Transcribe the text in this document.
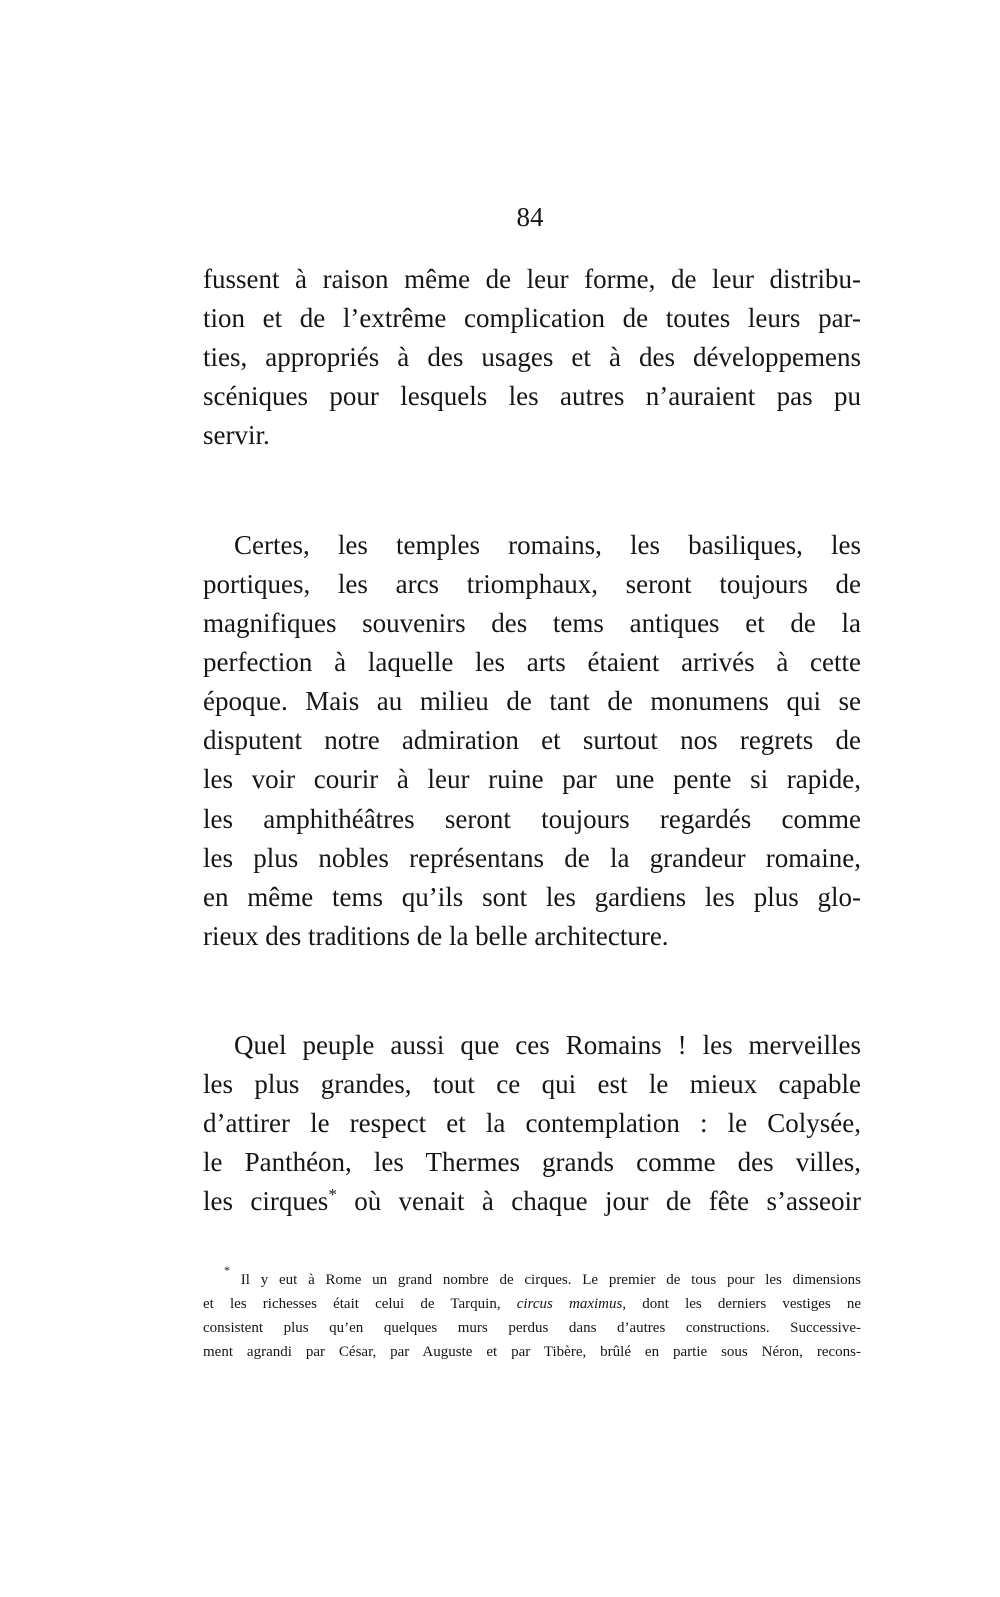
84
fussent à raison même de leur forme, de leur distribu-
tion et de l’extrême complication de toutes leurs par-
ties, appropriés à des usages et à des développemens
scéniques pour lesquels les autres n’auraient pas pu
servir.
Certes, les temples romains, les basiliques, les
portiques, les arcs triomphaux, seront toujours de
magnifiques souvenirs des tems antiques et de la
perfection à laquelle les arts étaient arrivés à cette
époque. Mais au milieu de tant de monumens qui se
disputent notre admiration et surtout nos regrets de
les voir courir à leur ruine par une pente si rapide,
les amphithéâtres seront toujours regardés comme
les plus nobles représentans de la grandeur romaine,
en même tems qu’ils sont les gardiens les plus glo-
rieux des traditions de la belle architecture.
Quel peuple aussi que ces Romains ! les merveilles
les plus grandes, tout ce qui est le mieux capable
d’attirer le respect et la contemplation : le Colysée,
le Panthéon, les Thermes grands comme des villes,
les cirques* où venait à chaque jour de fête s’asseoir
* Il y eut à Rome un grand nombre de cirques. Le premier de tous pour les dimensions
et les richesses était celui de Tarquin, circus maximus, dont les derniers vestiges ne
consistent plus qu’en quelques murs perdus dans d’autres constructions. Successive-
ment agrandi par César, par Auguste et par Tibère, brûlé en partie sous Néron, recons-
